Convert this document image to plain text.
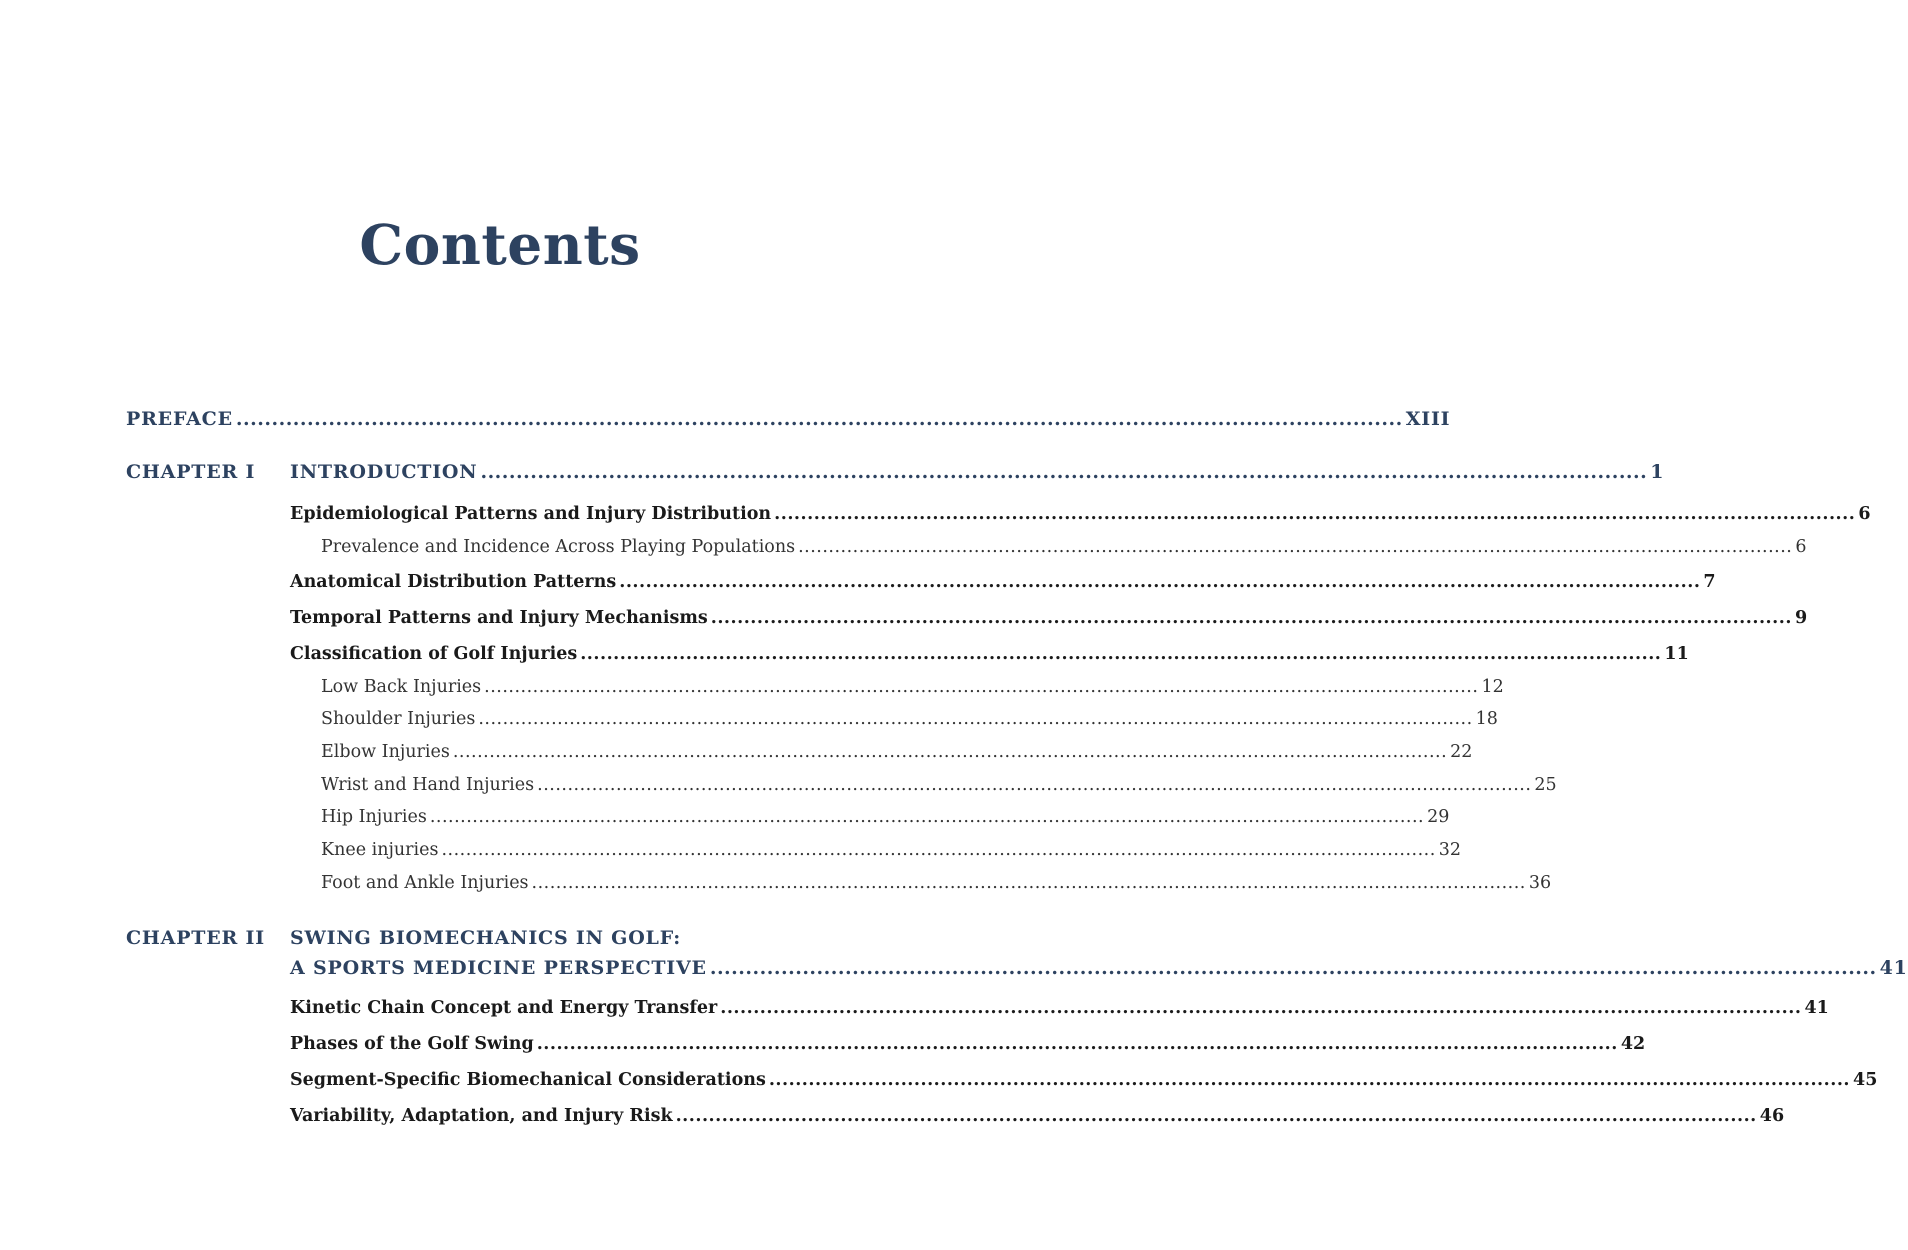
Contents
PREFACE .................................................................................................................................................................... XIII
CHAPTER I INTRODUCTION .................................................................................................................................................................... 1
Epidemiological Patterns and Injury Distribution .................................................................................................................................................................... 6
Prevalence and Incidence Across Playing Populations .................................................................................................................................................................... 6
Anatomical Distribution Patterns .................................................................................................................................................................... 7
Temporal Patterns and Injury Mechanisms .................................................................................................................................................................... 9
Classification of Golf Injuries .................................................................................................................................................................... 11
Low Back Injuries .................................................................................................................................................................... 12
Shoulder Injuries .................................................................................................................................................................... 18
Elbow Injuries .................................................................................................................................................................... 22
Wrist and Hand Injuries .................................................................................................................................................................... 25
Hip Injuries .................................................................................................................................................................... 29
Knee injuries .................................................................................................................................................................... 32
Foot and Ankle Injuries .................................................................................................................................................................... 36
CHAPTER II SWING BIOMECHANICS IN GOLF:
A SPORTS MEDICINE PERSPECTIVE .................................................................................................................................................................... 41
Kinetic Chain Concept and Energy Transfer .................................................................................................................................................................... 41
Phases of the Golf Swing .................................................................................................................................................................... 42
Segment-Specific Biomechanical Considerations .................................................................................................................................................................... 45
Variability, Adaptation, and Injury Risk .................................................................................................................................................................... 46
